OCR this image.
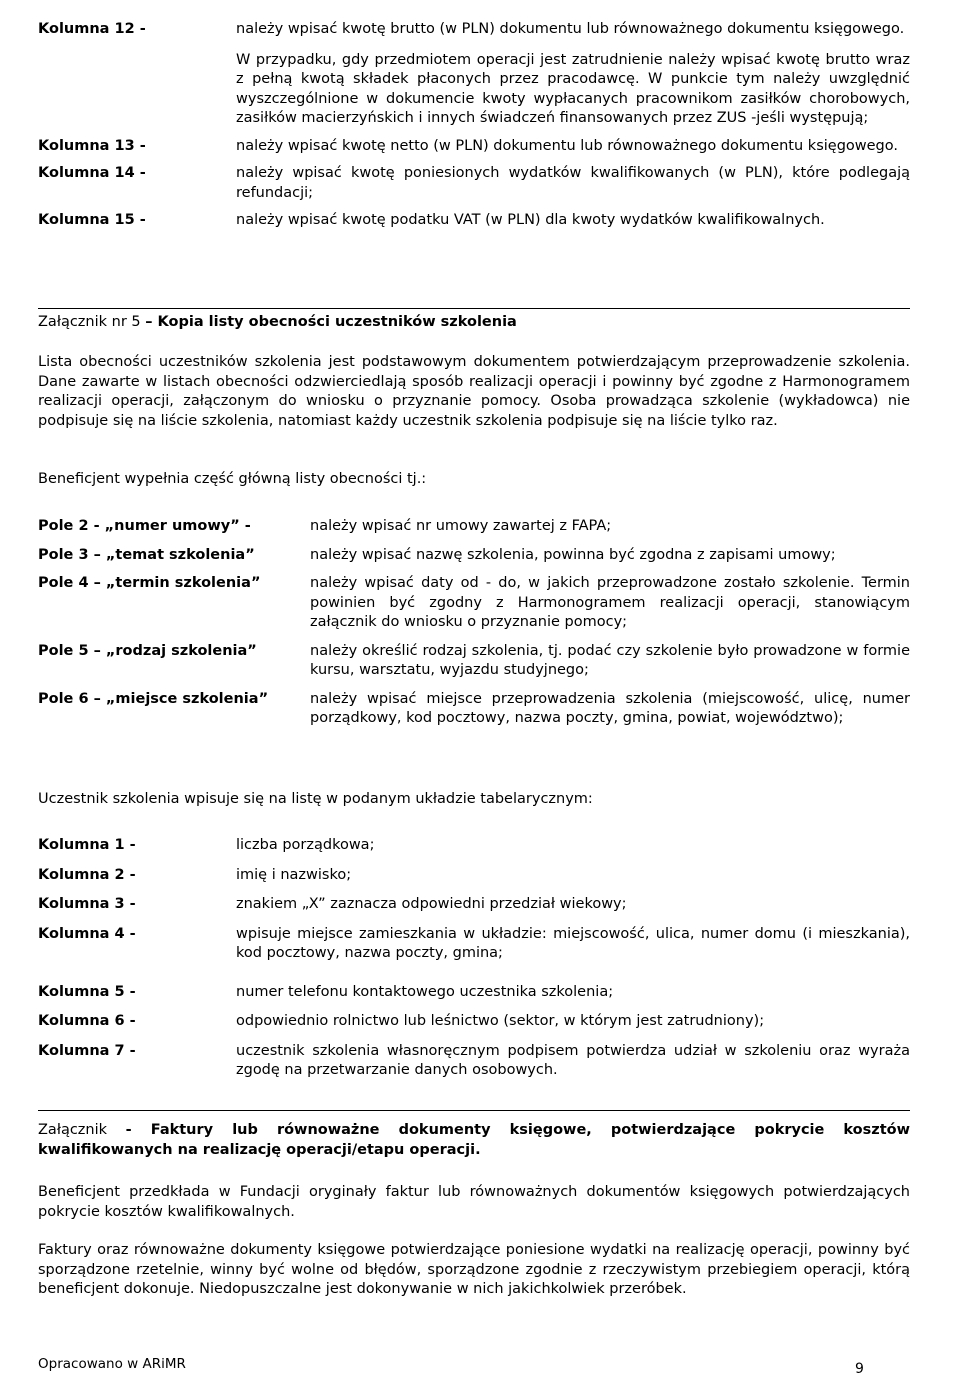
Kolumna 12 -	należy wpisać kwotę brutto (w PLN) dokumentu lub równoważnego dokumentu księgowego.
W przypadku, gdy przedmiotem operacji jest zatrudnienie należy wpisać kwotę brutto wraz z pełną kwotą składek płaconych przez pracodawcę. W punkcie tym należy uwzględnić wyszczególnione w dokumencie kwoty wypłacanych pracownikom zasiłków chorobowych, zasiłków macierzyńskich i innych świadczeń finansowanych przez ZUS -jeśli występują;
Kolumna 13 -	należy wpisać kwotę netto (w PLN) dokumentu lub równoważnego dokumentu księgowego.
Kolumna 14 -	należy wpisać kwotę poniesionych wydatków kwalifikowanych (w PLN), które podlegają refundacji;
Kolumna 15 -	należy wpisać kwotę podatku VAT (w PLN) dla kwoty wydatków kwalifikowalnych.
Załącznik nr 5 – Kopia listy obecności uczestników szkolenia
Lista obecności uczestników szkolenia jest podstawowym dokumentem potwierdzającym przeprowadzenie szkolenia. Dane zawarte w listach obecności odzwierciedlają sposób realizacji operacji i powinny być zgodne z Harmonogramem realizacji operacji, załączonym do wniosku o przyznanie pomocy. Osoba prowadząca szkolenie (wykładowca) nie podpisuje się na liście szkolenia, natomiast każdy uczestnik szkolenia podpisuje się na liście tylko raz.
Beneficjent wypełnia część główną listy obecności tj.:
Pole 2 - „numer umowy” -	należy wpisać nr umowy zawartej z FAPA;
Pole 3 – „temat szkolenia”	należy wpisać nazwę szkolenia, powinna być zgodna z zapisami umowy;
Pole 4 – „termin szkolenia”	należy wpisać daty od - do, w jakich przeprowadzone zostało szkolenie. Termin powinien być zgodny z Harmonogramem realizacji operacji, stanowiącym załącznik do wniosku o przyznanie pomocy;
Pole 5 – „rodzaj szkolenia”	należy określić rodzaj szkolenia, tj. podać czy szkolenie było prowadzone w formie kursu, warsztatu, wyjazdu studyjnego;
Pole 6 – „miejsce szkolenia”	należy wpisać miejsce przeprowadzenia szkolenia (miejscowość, ulicę, numer porządkowy, kod pocztowy, nazwa poczty, gmina, powiat, województwo);
Uczestnik szkolenia wpisuje się na listę w podanym układzie tabelarycznym:
Kolumna 1 -	liczba porządkowa;
Kolumna 2 -	imię i nazwisko;
Kolumna 3 -	znakiem „X” zaznacza odpowiedni przedział wiekowy;
Kolumna 4 -	wpisuje miejsce zamieszkania w układzie: miejscowość, ulica, numer domu (i mieszkania), kod pocztowy, nazwa poczty, gmina;
Kolumna 5 -	numer telefonu kontaktowego uczestnika szkolenia;
Kolumna 6 -	odpowiednio rolnictwo lub leśnictwo (sektor, w którym jest zatrudniony);
Kolumna 7 -	uczestnik szkolenia własnoręcznym podpisem potwierdza udział w szkoleniu oraz wyraża zgodę na przetwarzanie danych osobowych.
Załącznik - Faktury lub równoważne dokumenty księgowe, potwierdzające pokrycie kosztów kwalifikowanych na realizację operacji/etapu operacji.
Beneficjent przedkłada w Fundacji oryginały faktur lub równoważnych dokumentów księgowych potwierdzających pokrycie kosztów kwalifikowalnych.
Faktury oraz równoważne dokumenty księgowe potwierdzające poniesione wydatki na realizację operacji, powinny być sporządzone rzetelnie, winny być wolne od błędów, sporządzone zgodnie z rzeczywistym przebiegiem operacji, którą beneficjent dokonuje. Niedopuszczalne jest dokonywanie w nich jakichkolwiek przeróbek.
Opracowano w ARiMR	9
